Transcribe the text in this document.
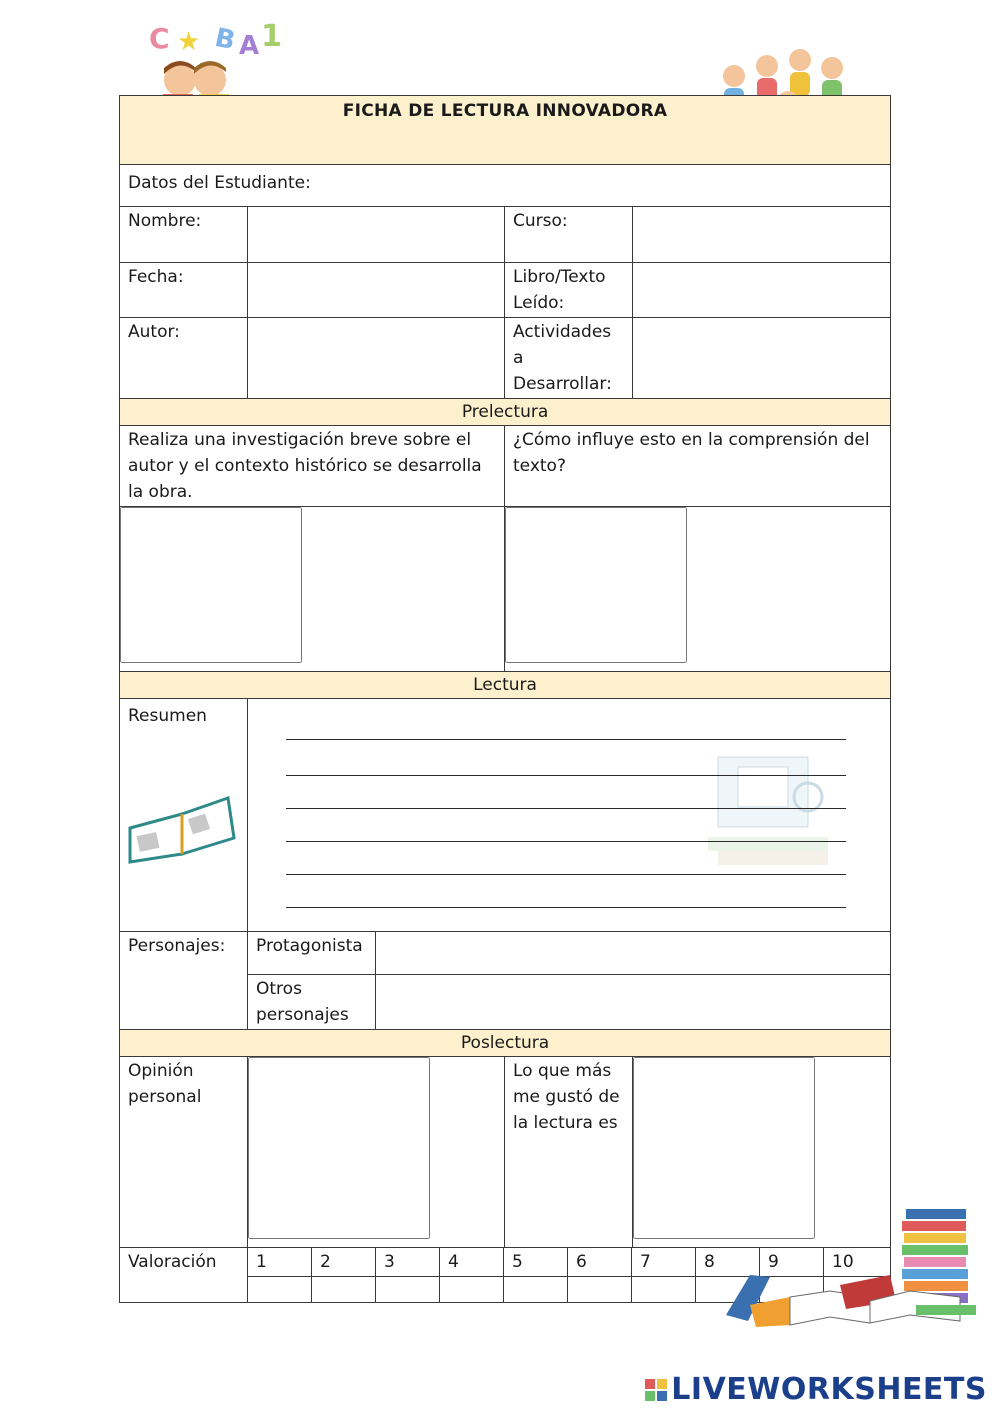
C ★ B A 1
FICHA DE LECTURA INNOVADORA				

Datos del Estudiante:				

Nombre:			Curso:

Fecha:			Libro/Texto Leído:

Autor:			Actividades a Desarrollar:

Prelectura				

Realiza una investigación breve sobre el autor y el contexto histórico se desarrolla la obra.			¿Cómo influye esto en la comprensión del texto?	

Lectura				

Resumen

Personajes:	Protagonista

	Otros personajes

Poslectura				

Opinión personal			Lo que más me gustó de la lectura es

Valoración	1	2	3	4	5	6	7	8	9	10

LIVEWORKSHEETS
